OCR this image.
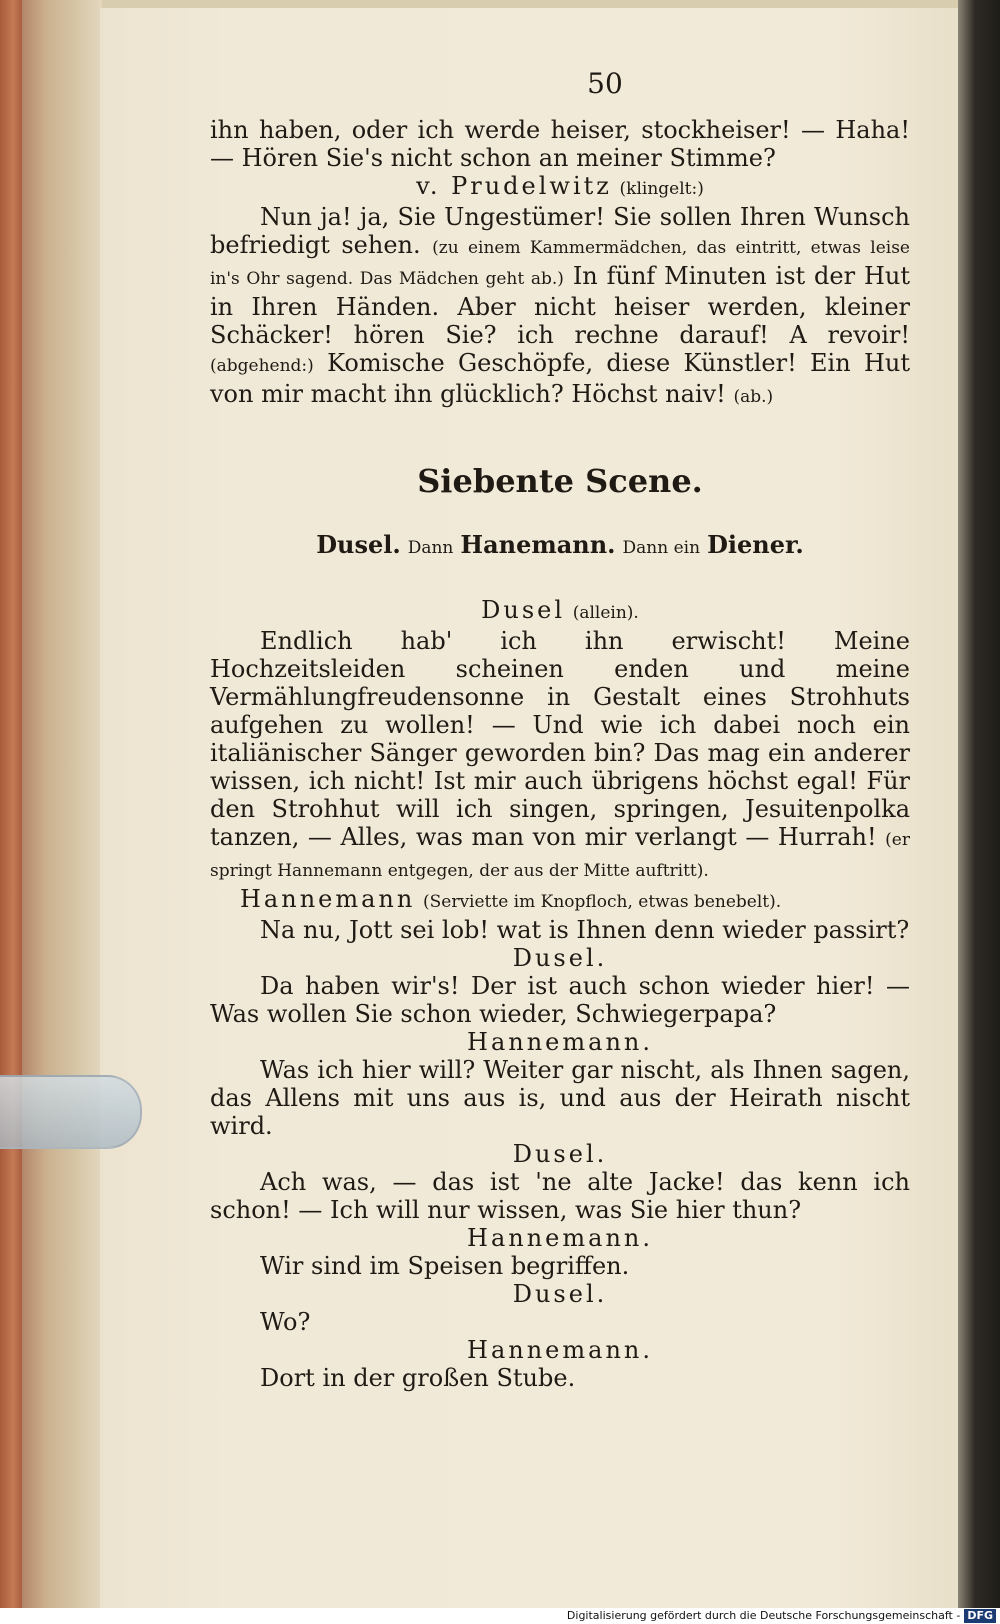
50

ihn haben, oder ich werde heiser, stockheiser! — Haha! — Hören Sie's nicht schon an meiner Stimme?

v. Prudelwitz (klingelt:)

Nun ja! ja, Sie Ungestümer! Sie sollen Ihren Wunsch befriedigt sehen. (zu einem Kammermädchen, das eintritt, etwas leise in's Ohr sagend. Das Mädchen geht ab.) In fünf Minuten ist der Hut in Ihren Händen. Aber nicht heiser werden, kleiner Schäcker! hören Sie? ich rechne darauf! A revoir! (abgehend:) Komische Geschöpfe, diese Künstler! Ein Hut von mir macht ihn glücklich? Höchst naiv! (ab.)

Siebente Scene.
Dusel. Dann Hanemann. Dann ein Diener.
Dusel (allein).

Endlich hab' ich ihn erwischt! Meine Hochzeitsleiden scheinen enden und meine Vermählungfreudensonne in Gestalt eines Strohhuts aufgehen zu wollen! — Und wie ich dabei noch ein italiänischer Sänger geworden bin? Das mag ein anderer wissen, ich nicht! Ist mir auch übrigens höchst egal! Für den Strohhut will ich singen, springen, Jesuitenpolka tanzen, — Alles, was man von mir verlangt — Hurrah! (er springt Hannemann entgegen, der aus der Mitte auftritt).

Hannemann (Serviette im Knopfloch, etwas benebelt).

Na nu, Jott sei lob! wat is Ihnen denn wieder passirt?

Dusel.

Da haben wir's! Der ist auch schon wieder hier! — Was wollen Sie schon wieder, Schwiegerpapa?

Hannemann.

Was ich hier will? Weiter gar nischt, als Ihnen sagen, das Allens mit uns aus is, und aus der Heirath nischt wird.

Dusel.

Ach was, — das ist 'ne alte Jacke! das kenn ich schon! — Ich will nur wissen, was Sie hier thun?

Hannemann.

Wir sind im Speisen begriffen.

Dusel.

Wo?

Hannemann.

Dort in der großen Stube.

Digitalisierung gefördert durch die Deutsche Forschungsgemeinschaft - DFG
